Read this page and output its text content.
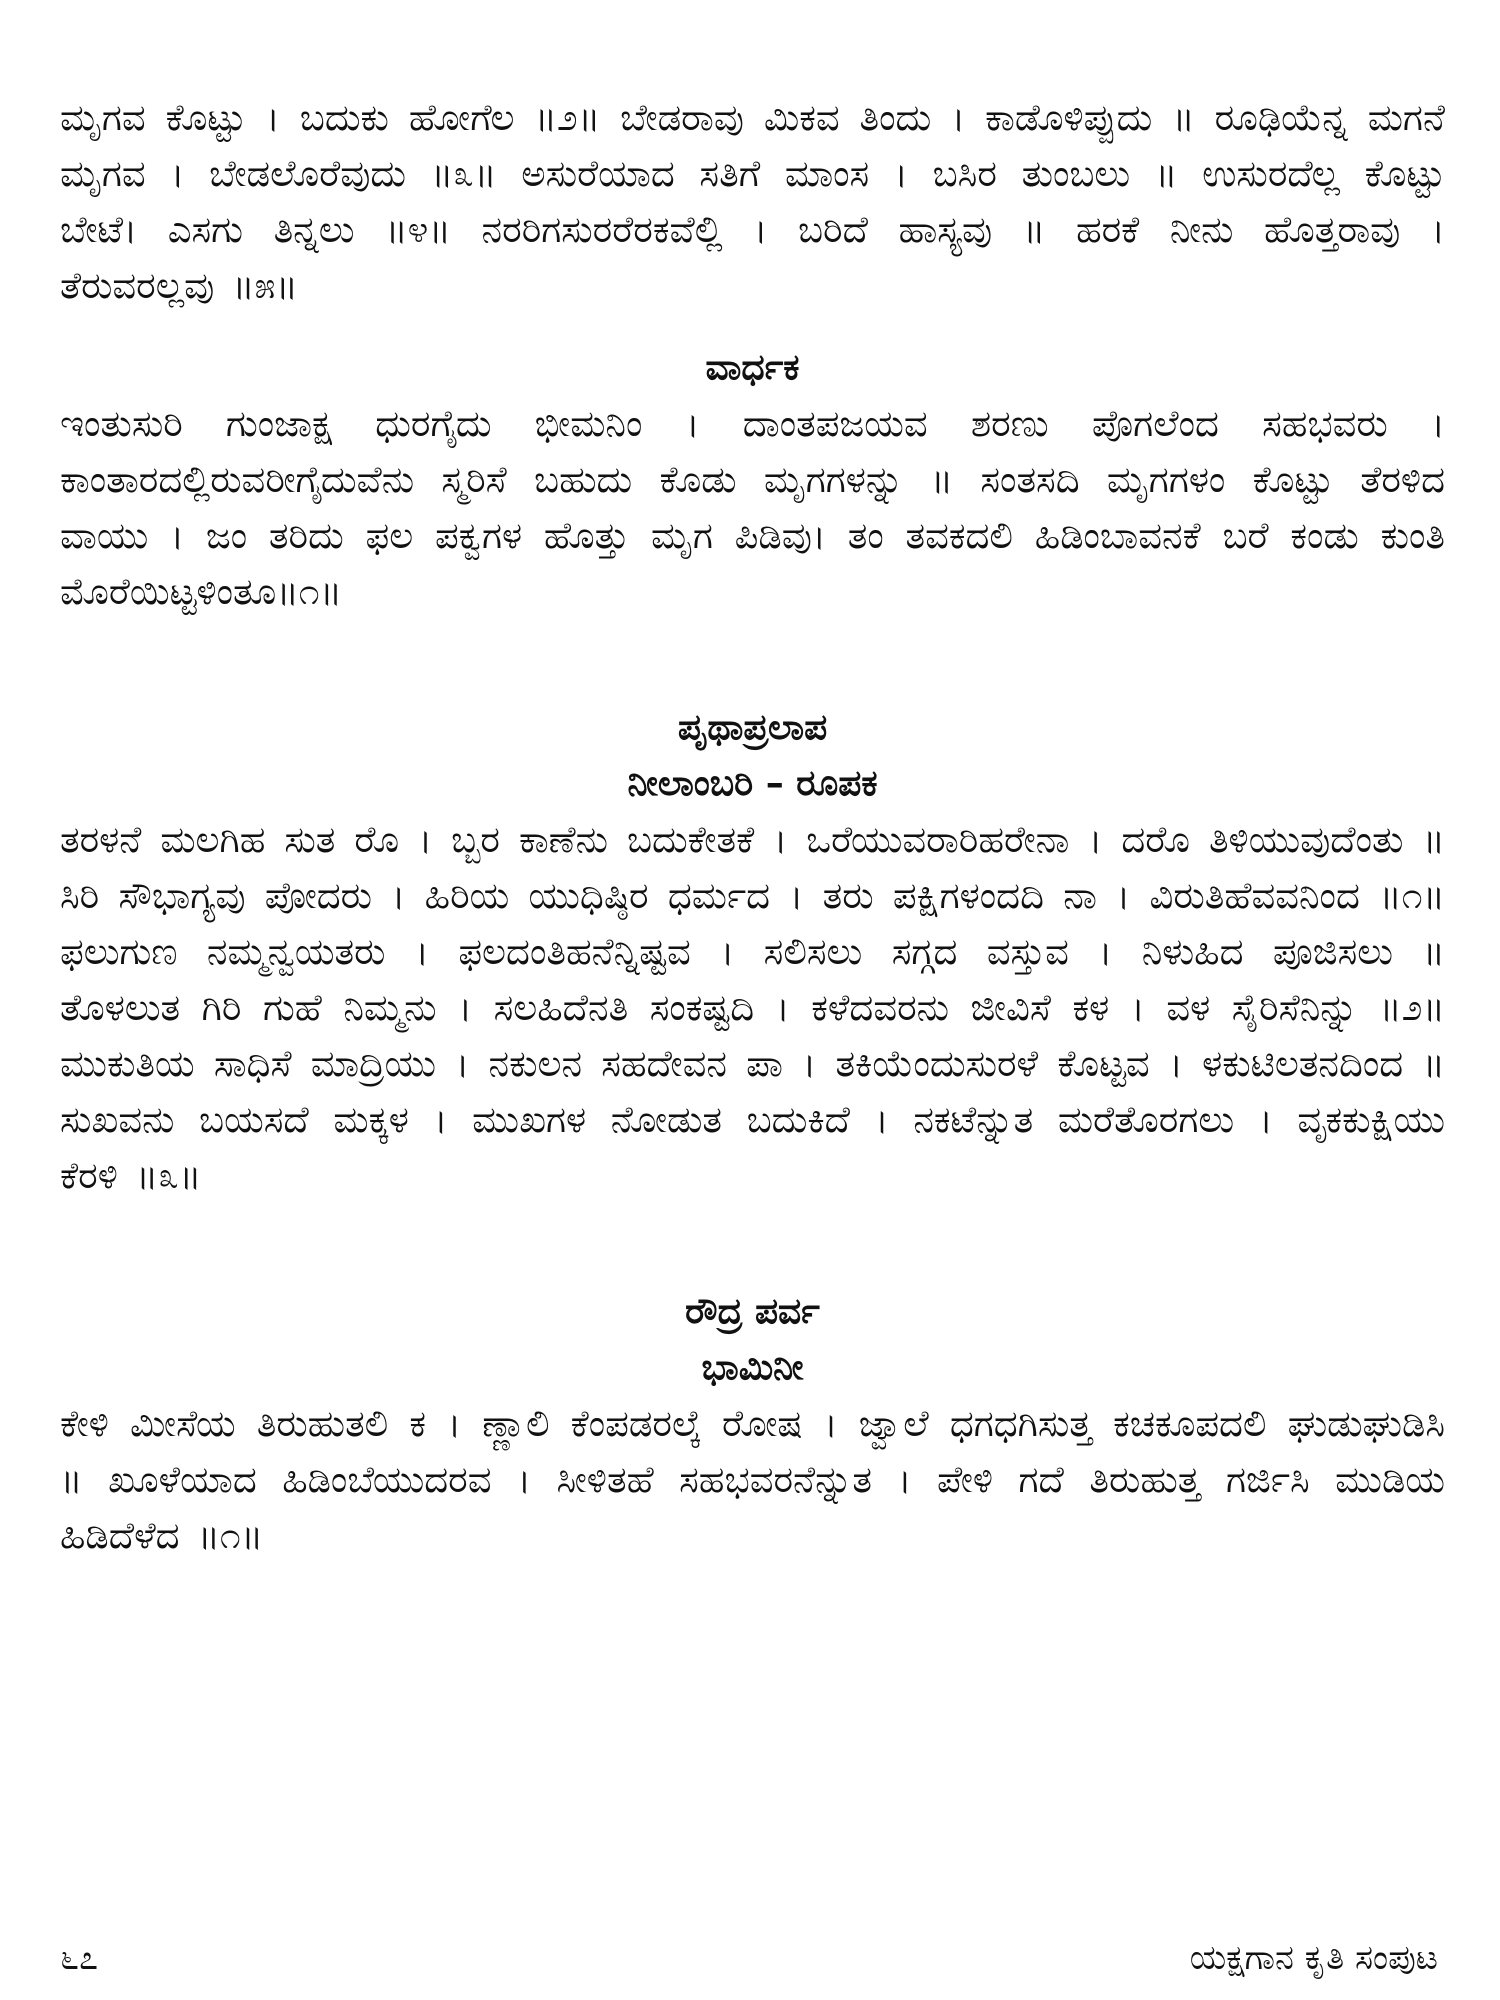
ಮೃಗವ ಕೊಟ್ಟು । ಬದುಕು ಹೋಗೆಲ ॥೨॥ ಬೇಡರಾವು ಮಿಕವ ತಿಂದು । ಕಾಡೊಳಿಪ್ಪುದು ॥ ರೂಢಿಯೆನ್ನ ಮಗನೆ ಮೃಗವ । ಬೇಡಲೊರೆವುದು ॥೩॥ ಅಸುರೆಯಾದ ಸತಿಗೆ ಮಾಂಸ । ಬಸಿರ ತುಂಬಲು ॥ ಉಸುರದೆಲ್ಲ ಕೊಟ್ಟು ಬೇಟೆ। ಎಸಗು ತಿನ್ನಲು ॥೪॥ ನರರಿಗಸುರರೆರಕವೆಲ್ಲಿ । ಬರಿದೆ ಹಾಸ್ಯವು ॥ ಹರಕೆ ನೀನು ಹೊತ್ತರಾವು । ತೆರುವರಲ್ಲವು ॥೫॥

ವಾರ್ಧಕ

ಇಂತುಸುರಿ ಗುಂಜಾಕ್ಷ ಧುರಗೈದು ಭೀಮನಿಂ । ದಾಂತಪಜಯವ ಶರಣು ಪೊಗಲೆಂದ ಸಹಭವರು । ಕಾಂತಾರದಲ್ಲಿರುವರೀಗೈದುವೆನು ಸ್ಮರಿಸೆ ಬಹುದು ಕೊಡು ಮೃಗಗಳನ್ನು ॥ ಸಂತಸದಿ ಮೃಗಗಳಂ ಕೊಟ್ಟು ತೆರಳಿದ ವಾಯು । ಜಂ ತರಿದು ಫಲ ಪಕ್ವಗಳ ಹೊತ್ತು ಮೃಗ ಪಿಡಿವು। ತಂ ತವಕದಲಿ ಹಿಡಿಂಬಾವನಕೆ ಬರೆ ಕಂಡು ಕುಂತಿ ಮೊರೆಯಿಟ್ಟಳಿಂತೂ॥೧॥

ಪೃಥಾಪ್ರಲಾಪ
ನೀಲಾಂಬರಿ – ರೂಪಕ

ತರಳನೆ ಮಲಗಿಹ ಸುತ ರೊ । ಬ್ಬರ ಕಾಣೆನು ಬದುಕೇತಕೆ । ಒರೆಯುವರಾರಿಹರೇನಾ । ದರೊ ತಿಳಿಯುವುದೆಂತು ॥ ಸಿರಿ ಸೌಭಾಗ್ಯವು ಪೋದರು । ಹಿರಿಯ ಯುಧಿಷ್ಠಿರ ಧರ್ಮದ । ತರು ಪಕ್ಷಿಗಳಂದದಿ ನಾ । ವಿರುತಿಹೆವವನಿಂದ ॥೧॥ ಫಲುಗುಣ ನಮ್ಮನ್ವಯತರು । ಫಲದಂತಿಹನೆನ್ನಿಷ್ಟವ । ಸಲಿಸಲು ಸಗ್ಗದ ವಸ್ತುವ । ನಿಳುಹಿದ ಪೂಜಿಸಲು ॥ ತೊಳಲುತ ಗಿರಿ ಗುಹೆ ನಿಮ್ಮನು । ಸಲಹಿದೆನತಿ ಸಂಕಷ್ಟದಿ । ಕಳೆದವರನು ಜೀವಿಸೆ ಕಳ । ವಳ ಸೈರಿಸೆನಿನ್ನು ॥೨॥ ಮುಕುತಿಯ ಸಾಧಿಸೆ ಮಾದ್ರಿಯು । ನಕುಲನ ಸಹದೇವನ ಪಾ । ತಕಿಯೆಂದುಸುರಳೆ ಕೊಟ್ಟವ । ಳಕುಟಿಲತನದಿಂದ ॥ ಸುಖವನು ಬಯಸದೆ ಮಕ್ಕಳ । ಮುಖಗಳ ನೋಡುತ ಬದುಕಿದೆ । ನಕಟೆನ್ನುತ ಮರೆತೊರಗಲು । ವೃಕಕುಕ್ಷಿಯು ಕೆರಳಿ ॥೩॥

ರೌದ್ರ ಪರ್ವ
ಭಾಮಿನೀ

ಕೇಳಿ ಮೀಸೆಯ ತಿರುಹುತಲಿ ಕ । ಣ್ಣಾಲಿ ಕೆಂಪಡರಲ್ಕೆ ರೋಷ । ಜ್ವಾಲೆ ಧಗಧಗಿಸುತ್ತ ಕಚಕೂಪದಲಿ ಘುಡುಘುಡಿಸಿ ॥ ಖೂಳೆಯಾದ ಹಿಡಿಂಬೆಯುದರವ । ಸೀಳಿತಹೆ ಸಹಭವರನೆನ್ನುತ । ಪೇಳಿ ಗದೆ ತಿರುಹುತ್ತ ಗರ್ಜಿಸಿ ಮುಡಿಯ ಹಿಡಿದೆಳೆದ ॥೧॥

೬೭	ಯಕ್ಷಗಾನ ಕೃತಿ ಸಂಪುಟ
